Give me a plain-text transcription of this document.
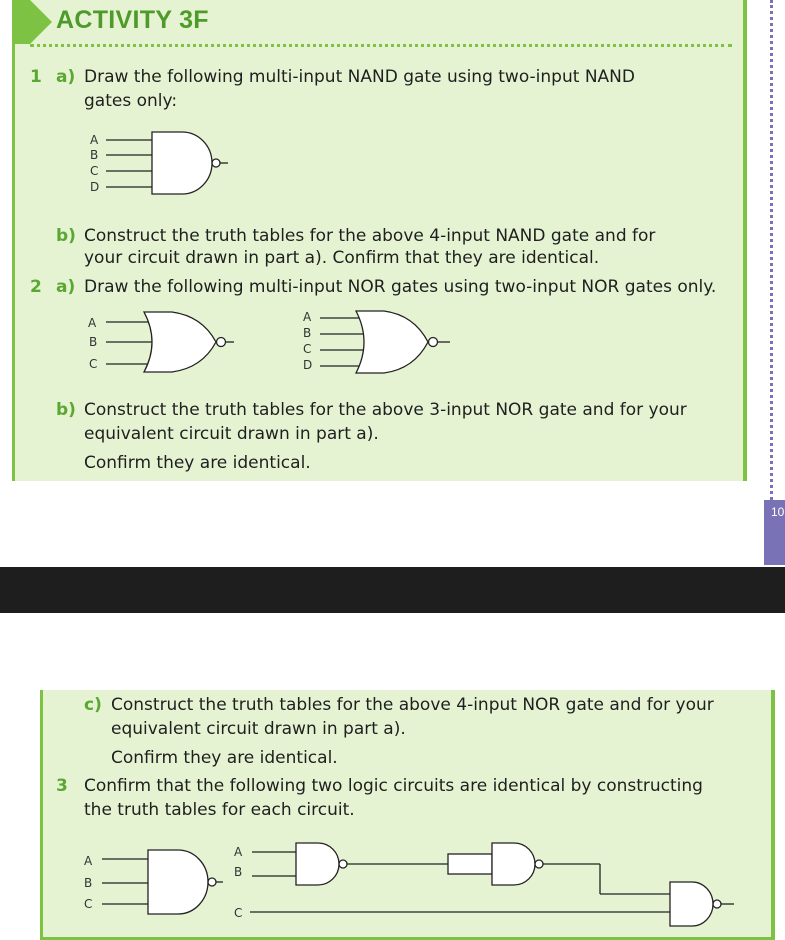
ACTIVITY 3F
1 a) Draw the following multi-input NAND gate using two-input NAND
gates only:
A
B
C
D
b) Construct the truth tables for the above 4-input NAND gate and for
your circuit drawn in part a). Confirm that they are identical.
2 a) Draw the following multi-input NOR gates using two-input NOR gates only.
A
B
C
A
B
C
D
b) Construct the truth tables for the above 3-input NOR gate and for your
equivalent circuit drawn in part a).
Confirm they are identical.
10
c) Construct the truth tables for the above 4-input NOR gate and for your
equivalent circuit drawn in part a).
Confirm they are identical.
3 Confirm that the following two logic circuits are identical by constructing
the truth tables for each circuit.
A
B
C
A
B
C
